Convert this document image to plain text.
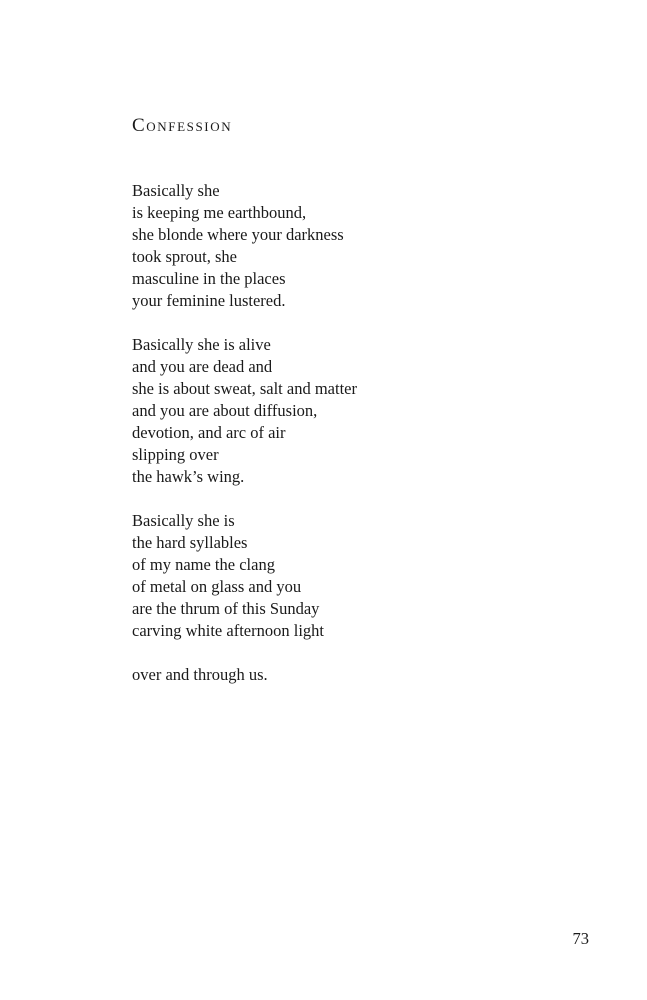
Confession
Basically she
is keeping me earthbound,
she blonde where your darkness
took sprout, she
masculine in the places
your feminine lustered.
Basically she is alive
and you are dead and
she is about sweat, salt and matter
and you are about diffusion,
devotion, and arc of air
slipping over
the hawk’s wing.
Basically she is
the hard syllables
of my name the clang
of metal on glass and you
are the thrum of this Sunday
carving white afternoon light
over and through us.
73
